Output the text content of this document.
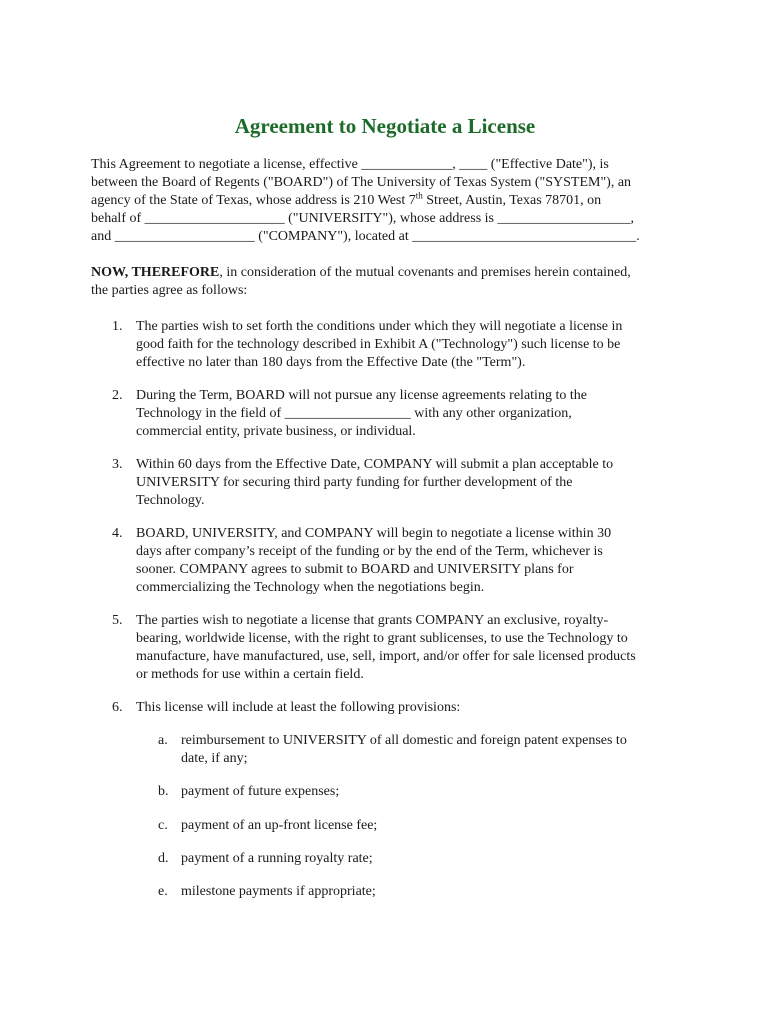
Agreement to Negotiate a License
This Agreement to negotiate a license, effective _____________, ____ ("Effective Date"), is
between the Board of Regents ("BOARD") of The University of Texas System ("SYSTEM"), an
agency of the State of Texas, whose address is 210 West 7th Street, Austin, Texas 78701, on
behalf of ____________________ ("UNIVERSITY"), whose address is ___________________,
and ____________________ ("COMPANY"), located at ________________________________.
NOW, THEREFORE, in consideration of the mutual covenants and premises herein contained,
the parties agree as follows:
1. The parties wish to set forth the conditions under which they will negotiate a license in
good faith for the technology described in Exhibit A ("Technology") such license to be
effective no later than 180 days from the Effective Date (the "Term").
2. During the Term, BOARD will not pursue any license agreements relating to the
Technology in the field of __________________ with any other organization,
commercial entity, private business, or individual.
3. Within 60 days from the Effective Date, COMPANY will submit a plan acceptable to
UNIVERSITY for securing third party funding for further development of the
Technology.
4. BOARD, UNIVERSITY, and COMPANY will begin to negotiate a license within 30
days after company’s receipt of the funding or by the end of the Term, whichever is
sooner. COMPANY agrees to submit to BOARD and UNIVERSITY plans for
commercializing the Technology when the negotiations begin.
5. The parties wish to negotiate a license that grants COMPANY an exclusive, royalty-
bearing, worldwide license, with the right to grant sublicenses, to use the Technology to
manufacture, have manufactured, use, sell, import, and/or offer for sale licensed products
or methods for use within a certain field.
6. This license will include at least the following provisions:
a. reimbursement to UNIVERSITY of all domestic and foreign patent expenses to
date, if any;
b. payment of future expenses;
c. payment of an up-front license fee;
d. payment of a running royalty rate;
e. milestone payments if appropriate;
